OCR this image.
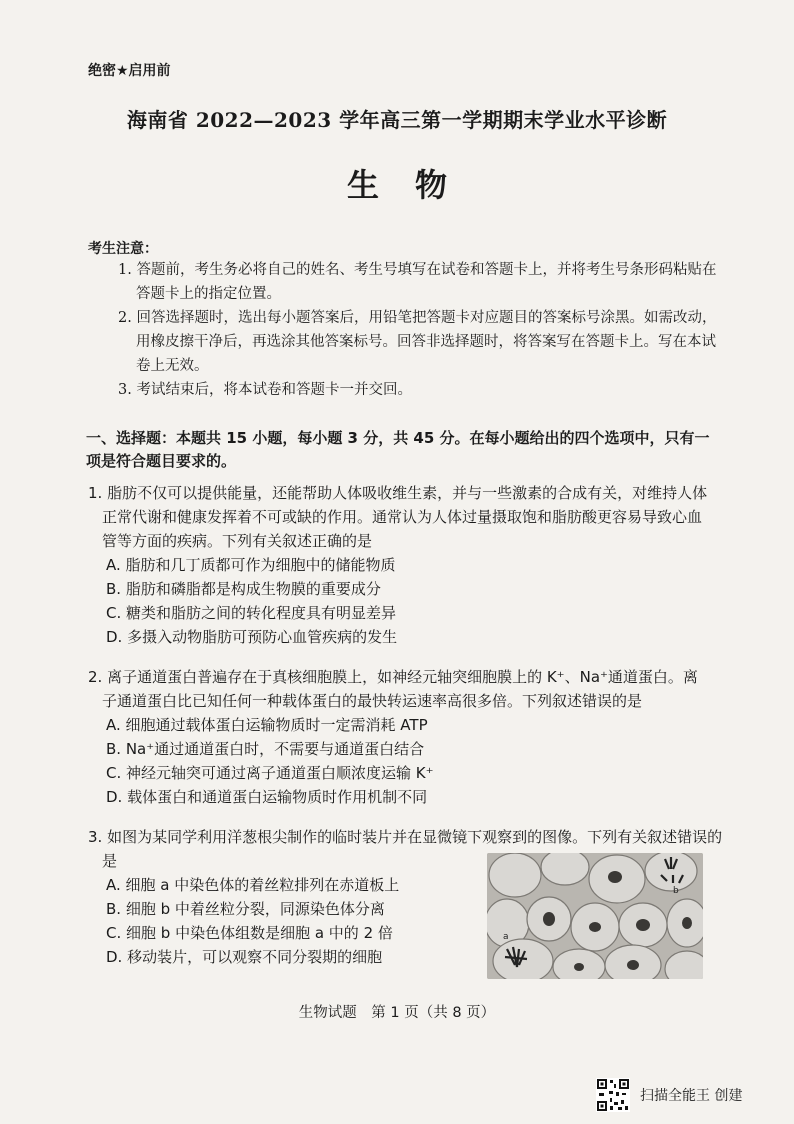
绝密★启用前
海南省 2022—2023 学年高三第一学期期末学业水平诊断
生物
考生注意：

1. 答题前，考生务必将自己的姓名、考生号填写在试卷和答题卡上，并将考生号条形码粘贴在答题卡上的指定位置。

2. 回答选择题时，选出每小题答案后，用铅笔把答题卡对应题目的答案标号涂黑。如需改动，用橡皮擦干净后，再选涂其他答案标号。回答非选择题时，将答案写在答题卡上。写在本试卷上无效。

3. 考试结束后，将本试卷和答题卡一并交回。

一、选择题：本题共 15 小题，每小题 3 分，共 45 分。在每小题给出的四个选项中，只有一项是符合题目要求的。
1. 脂肪不仅可以提供能量，还能帮助人体吸收维生素，并与一些激素的合成有关，对维持人体正常代谢和健康发挥着不可或缺的作用。通常认为人体过量摄取饱和脂肪酸更容易导致心血管等方面的疾病。下列有关叙述正确的是
A. 脂肪和几丁质都可作为细胞中的储能物质
B. 脂肪和磷脂都是构成生物膜的重要成分
C. 糖类和脂肪之间的转化程度具有明显差异
D. 多摄入动物脂肪可预防心血管疾病的发生
2. 离子通道蛋白普遍存在于真核细胞膜上，如神经元轴突细胞膜上的 K⁺、Na⁺通道蛋白。离子通道蛋白比已知任何一种载体蛋白的最快转运速率高很多倍。下列叙述错误的是
A. 细胞通过载体蛋白运输物质时一定需消耗 ATP
B. Na⁺通过通道蛋白时，不需要与通道蛋白结合
C. 神经元轴突可通过离子通道蛋白顺浓度运输 K⁺
D. 载体蛋白和通道蛋白运输物质时作用机制不同
3. 如图为某同学利用洋葱根尖制作的临时装片并在显微镜下观察到的图像。下列有关叙述错误的是
A. 细胞 a 中染色体的着丝粒排列在赤道板上
B. 细胞 b 中着丝粒分裂，同源染色体分离
C. 细胞 b 中染色体组数是细胞 a 中的 2 倍
D. 移动装片，可以观察不同分裂期的细胞
a
b
生物试题　第 1 页（共 8 页）
扫描全能王 创建
